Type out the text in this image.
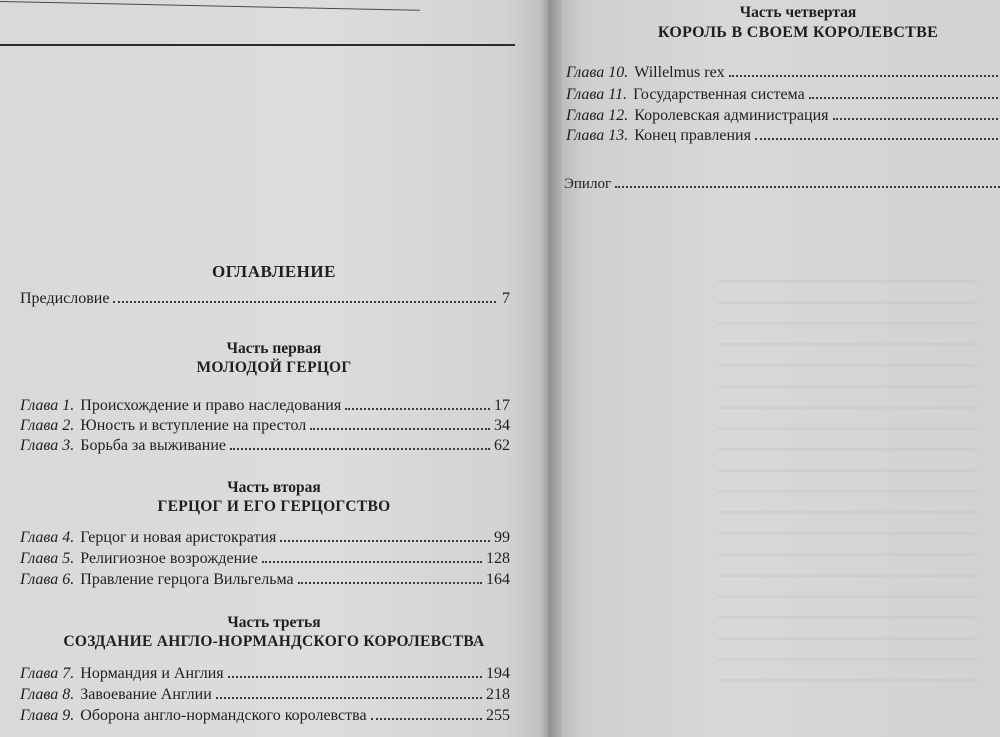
ОГЛАВЛЕНИЕ
Предисловие	7
Часть первая
МОЛОДОЙ ГЕРЦОГ
Глава 1. Происхождение и право наследования	17
Глава 2. Юность и вступление на престол	34
Глава 3. Борьба за выживание	62
Часть вторая
ГЕРЦОГ И ЕГО ГЕРЦОГСТВО
Глава 4. Герцог и новая аристократия	99
Глава 5. Религиозное возрождение	128
Глава 6. Правление герцога Вильгельма	164
Часть третья
СОЗДАНИЕ АНГЛО-НОРМАНДСКОГО КОРОЛЕВСТВА
Глава 7. Нормандия и Англия	194
Глава 8. Завоевание Англии	218
Глава 9. Оборона англо-нормандского королевства	255
Часть четвертая
КОРОЛЬ В СВОЕМ КОРОЛЕВСТВЕ
Глава 10. Willelmus rex
Глава 11. Государственная система
Глава 12. Королевская администрация
Глава 13. Конец правления
Эпилог
